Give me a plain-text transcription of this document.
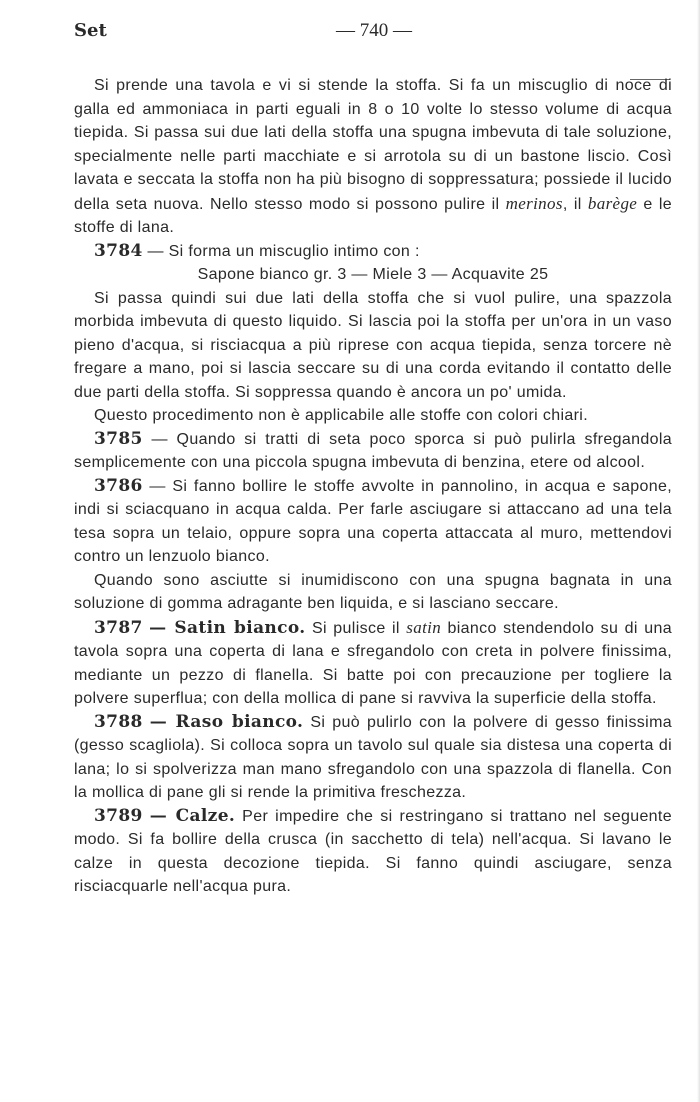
Set	— 740 —

Si prende una tavola e vi si stende la stoffa. Si fa un miscuglio di noce di galla ed ammoniaca in parti eguali in 8 o 10 volte lo stesso volume di acqua tiepida. Si passa sui due lati della stoffa una spugna imbevuta di tale soluzione, specialmente nelle parti macchiate e si arrotola su di un bastone liscio. Così lavata e seccata la stoffa non ha più bisogno di soppressatura; possiede il lucido della seta nuova. Nello stesso modo si possono pulire il merinos, il barège e le stoffe di lana.

3784 — Si forma un miscuglio intimo con :

Sapone bianco gr. 3 — Miele 3 — Acquavite 25

Si passa quindi sui due lati della stoffa che si vuol pulire, una spazzola morbida imbevuta di questo liquido. Si lascia poi la stoffa per un'ora in un vaso pieno d'acqua, si risciacqua a più riprese con acqua tiepida, senza torcere nè fregare a mano, poi si lascia seccare su di una corda evitando il contatto delle due parti della stoffa. Si soppressa quando è ancora un po' umida.

Questo procedimento non è applicabile alle stoffe con colori chiari.

3785 — Quando si tratti di seta poco sporca si può pulirla sfregandola semplicemente con una piccola spugna imbevuta di benzina, etere od alcool.

3786 — Si fanno bollire le stoffe avvolte in pannolino, in acqua e sapone, indi si sciacquano in acqua calda. Per farle asciugare si attaccano ad una tela tesa sopra un telaio, oppure sopra una coperta attaccata al muro, mettendovi contro un lenzuolo bianco.

Quando sono asciutte si inumidiscono con una spugna bagnata in una soluzione di gomma adragante ben liquida, e si lasciano seccare.

3787 — Satin bianco. Si pulisce il satin bianco stendendolo su di una tavola sopra una coperta di lana e sfregandolo con creta in polvere finissima, mediante un pezzo di flanella. Si batte poi con precauzione per togliere la polvere superflua; con della mollica di pane si ravviva la superficie della stoffa.

3788 — Raso bianco. Si può pulirlo con la polvere di gesso finissima (gesso scagliola). Si colloca sopra un tavolo sul quale sia distesa una coperta di lana; lo si spolverizza man mano sfregandolo con una spazzola di flanella. Con la mollica di pane gli si rende la primitiva freschezza.

3789 — Calze. Per impedire che si restringano si trattano nel seguente modo. Si fa bollire della crusca (in sacchetto di tela) nell'acqua. Si lavano le calze in questa decozione tiepida. Si fanno quindi asciugare, senza risciacquarle nell'acqua pura.
